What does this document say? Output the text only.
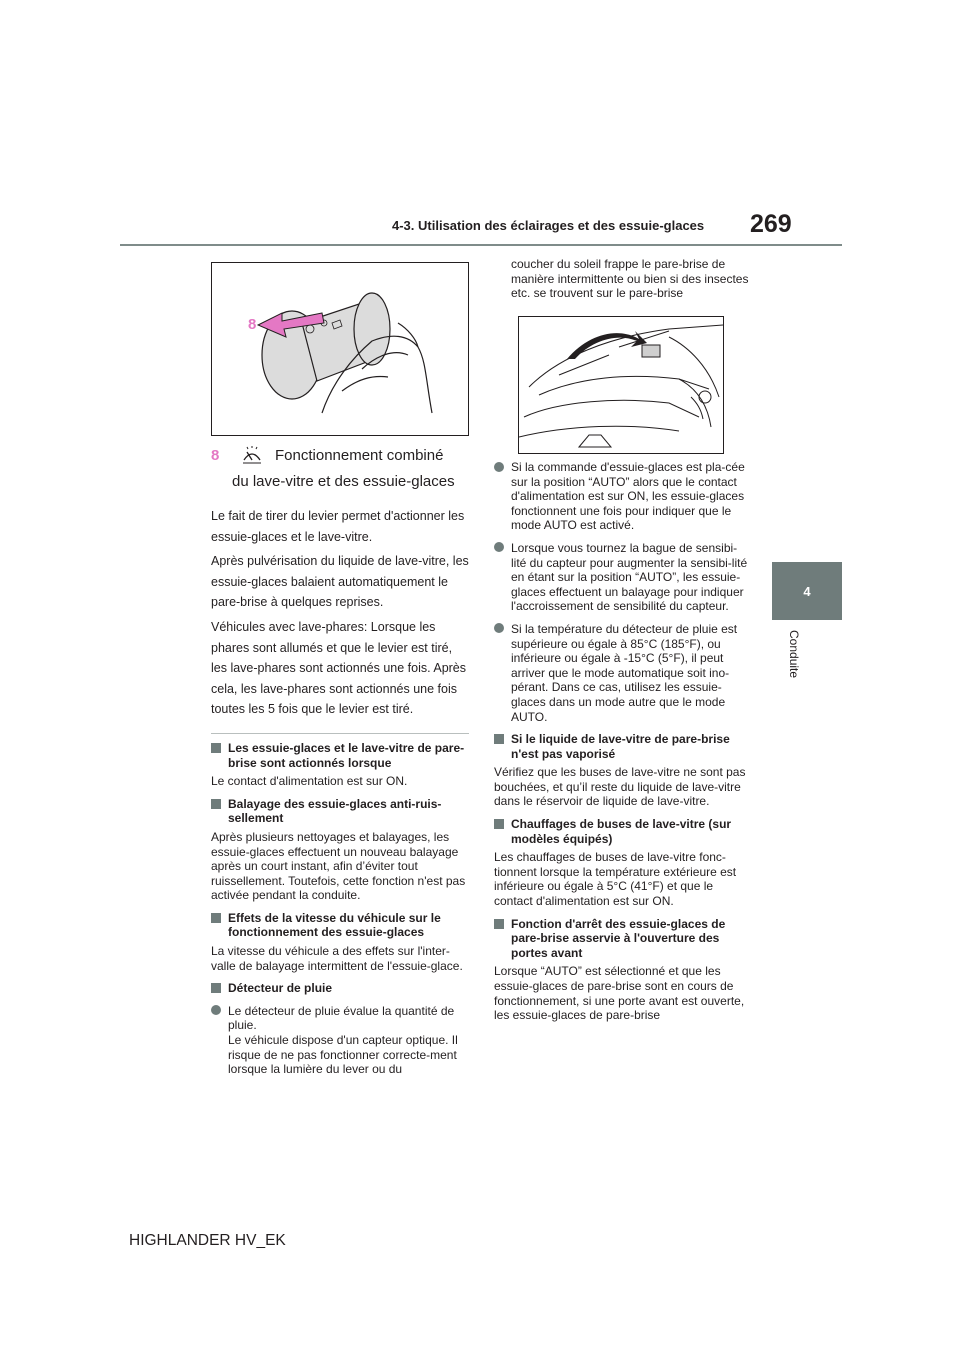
4-3. Utilisation des éclairages et des essuie-glaces 269
4
Conduite
8
8	Fonctionnement combiné
du lave-vitre et des essuie-glaces

Le fait de tirer du levier permet d'actionner les essuie-glaces et le lave-vitre.

Après pulvérisation du liquide de lave-vitre, les essuie-glaces balaient automatiquement le pare-brise à quelques reprises.

Véhicules avec lave-phares: Lorsque les phares sont allumés et que le levier est tiré, les lave-phares sont actionnés une fois. Après cela, les lave-phares sont actionnés une fois toutes les 5 fois que le levier est tiré.

Les essuie-glaces et le lave-vitre de pare-brise sont actionnés lorsque

Le contact d'alimentation est sur ON.

Balayage des essuie-glaces anti-ruis-sellement

Après plusieurs nettoyages et balayages, les essuie-glaces effectuent un nouveau balayage après un court instant, afin d’éviter tout ruissellement. Toutefois, cette fonction n'est pas activée pendant la conduite.

Effets de la vitesse du véhicule sur le fonctionnement des essuie-glaces

La vitesse du véhicule a des effets sur l'inter-valle de balayage intermittent de l'essuie-glace.

Détecteur de pluie
Le détecteur de pluie évalue la quantité de pluie.
Le véhicule dispose d'un capteur optique. Il risque de ne pas fonctionner correcte-ment lorsque la lumière du lever ou du

coucher du soleil frappe le pare-brise de manière intermittente ou bien si des insectes etc. se trouvent sur le pare-brise

Si la commande d'essuie-glaces est pla-cée sur la position “AUTO” alors que le contact d'alimentation est sur ON, les essuie-glaces fonctionnent une fois pour indiquer que le mode AUTO est activé.
Lorsque vous tournez la bague de sensibi-lité du capteur pour augmenter la sensibi-lité en étant sur la position “AUTO”, les essuie-glaces effectuent un balayage pour indiquer l'accroissement de sensibilité du capteur.
Si la température du détecteur de pluie est supérieure ou égale à 85°C (185°F), ou inférieure ou égale à -15°C (5°F), il peut arriver que le mode automatique soit ino-pérant. Dans ce cas, utilisez les essuie-glaces dans un mode autre que le mode AUTO.
Si le liquide de lave-vitre de pare-brise n'est pas vaporisé

Vérifiez que les buses de lave-vitre ne sont pas bouchées, et qu’il reste du liquide de lave-vitre dans le réservoir de liquide de lave-vitre.

Chauffages de buses de lave-vitre (sur modèles équipés)

Les chauffages de buses de lave-vitre fonc-tionnent lorsque la température extérieure est inférieure ou égale à 5°C (41°F) et que le contact d'alimentation est sur ON.

Fonction d'arrêt des essuie-glaces de pare-brise asservie à l'ouverture des portes avant

Lorsque “AUTO” est sélectionné et que les essuie-glaces de pare-brise sont en cours de fonctionnement, si une porte avant est ouverte, les essuie-glaces de pare-brise

HIGHLANDER HV_EK
